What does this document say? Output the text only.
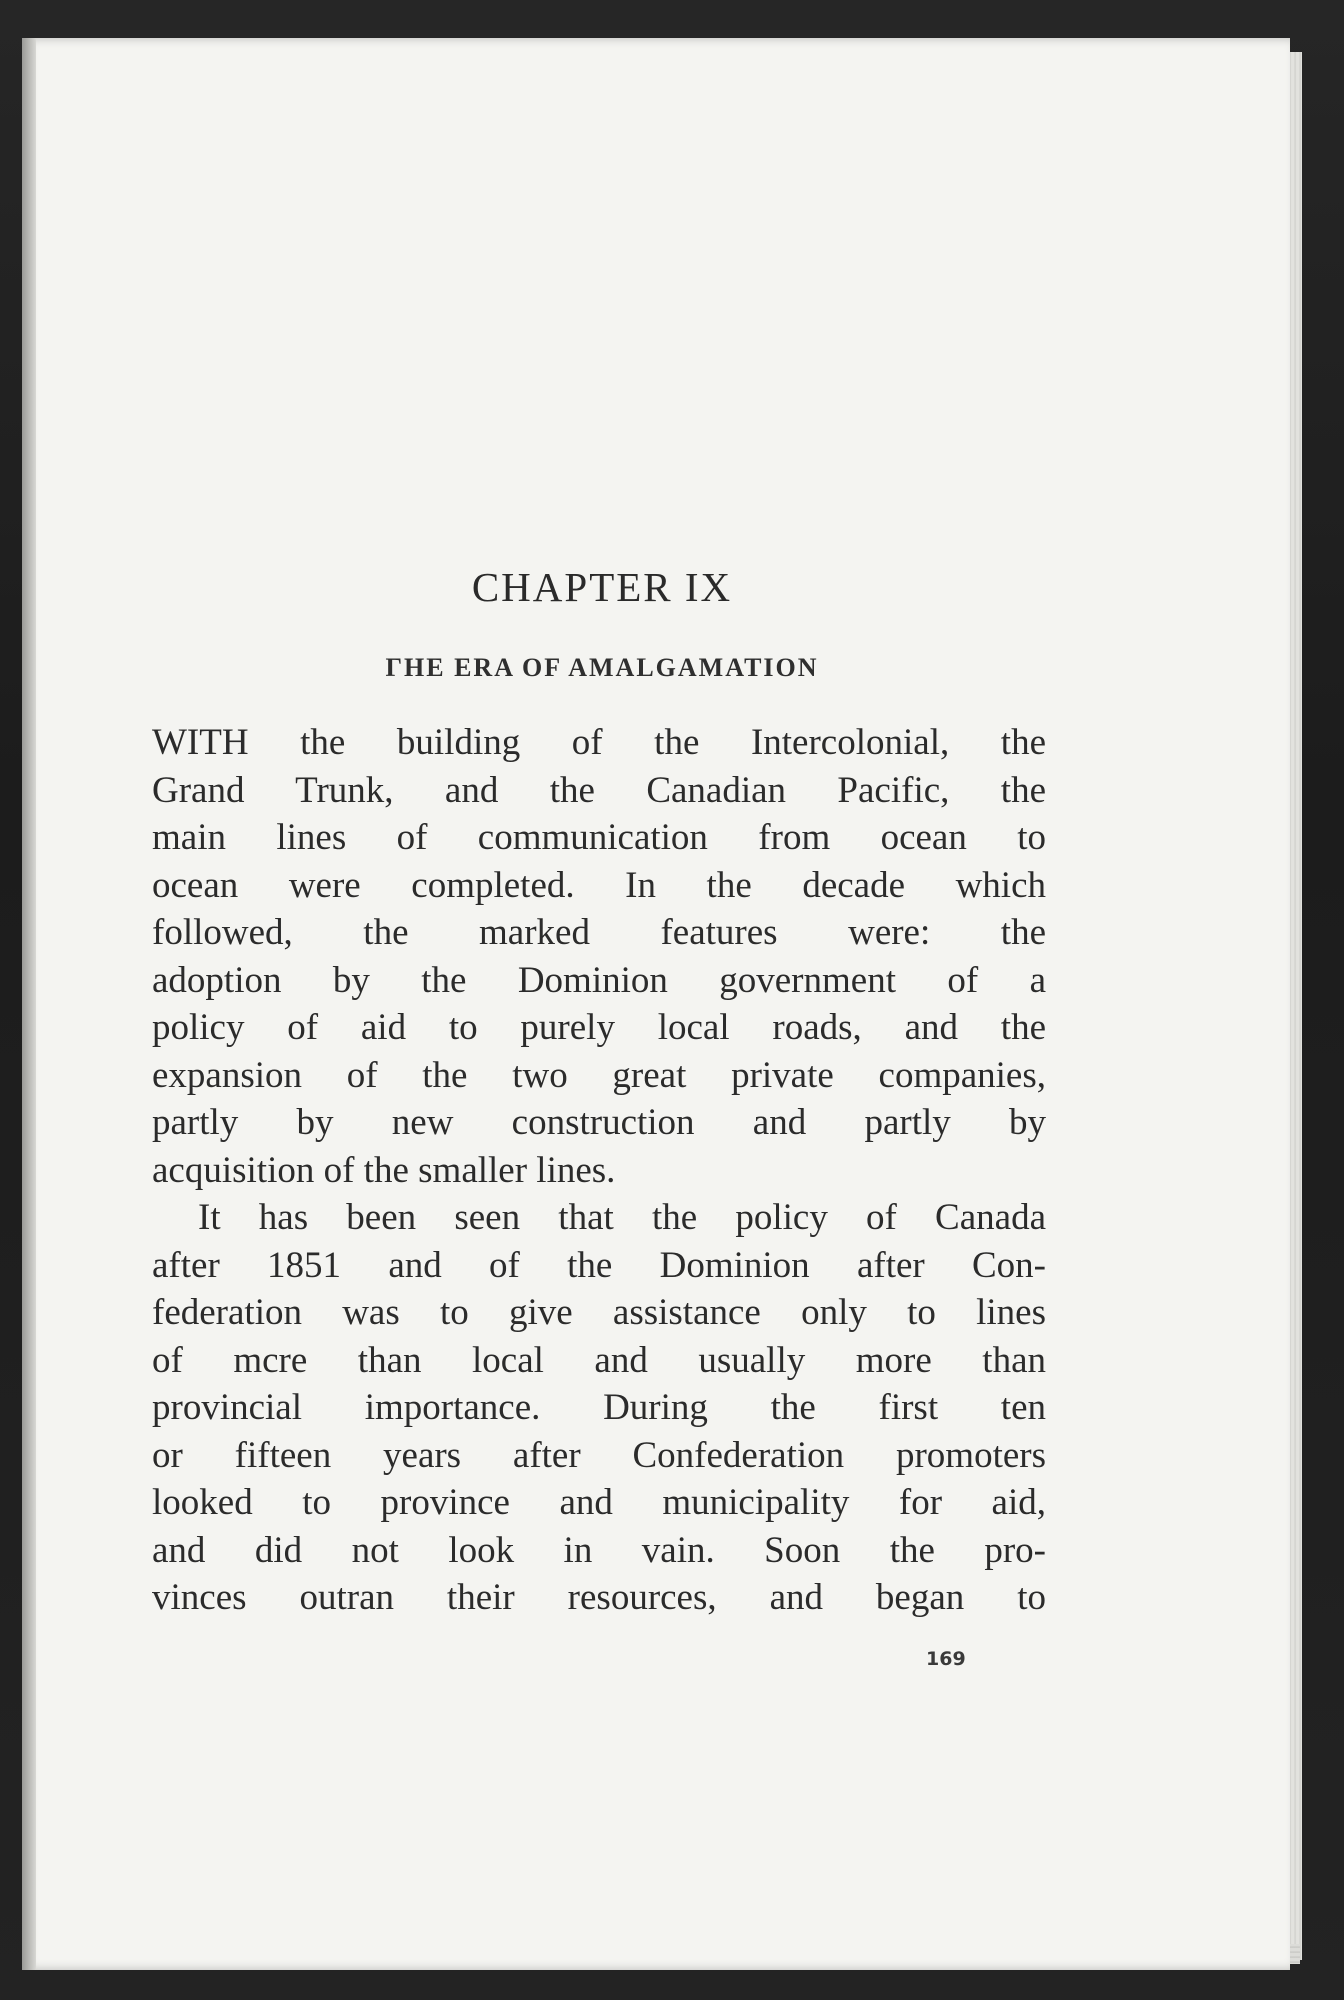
CHAPTER IX
ΓHE ERA OF AMALGAMATION
WITH the building of the Intercolonial, the
Grand Trunk, and the Canadian Pacific, the
main lines of communication from ocean to
ocean were completed. In the decade which
followed, the marked features were: the
adoption by the Dominion government of a
policy of aid to purely local roads, and the
expansion of the two great private companies,
partly by new construction and partly by
acquisition of the smaller lines.
It has been seen that the policy of Canada
after 1851 and of the Dominion after Con-
federation was to give assistance only to lines
of mcre than local and usually more than
provincial importance. During the first ten
or fifteen years after Confederation promoters
looked to province and municipality for aid,
and did not look in vain. Soon the pro-
vinces outran their resources, and began to
169
